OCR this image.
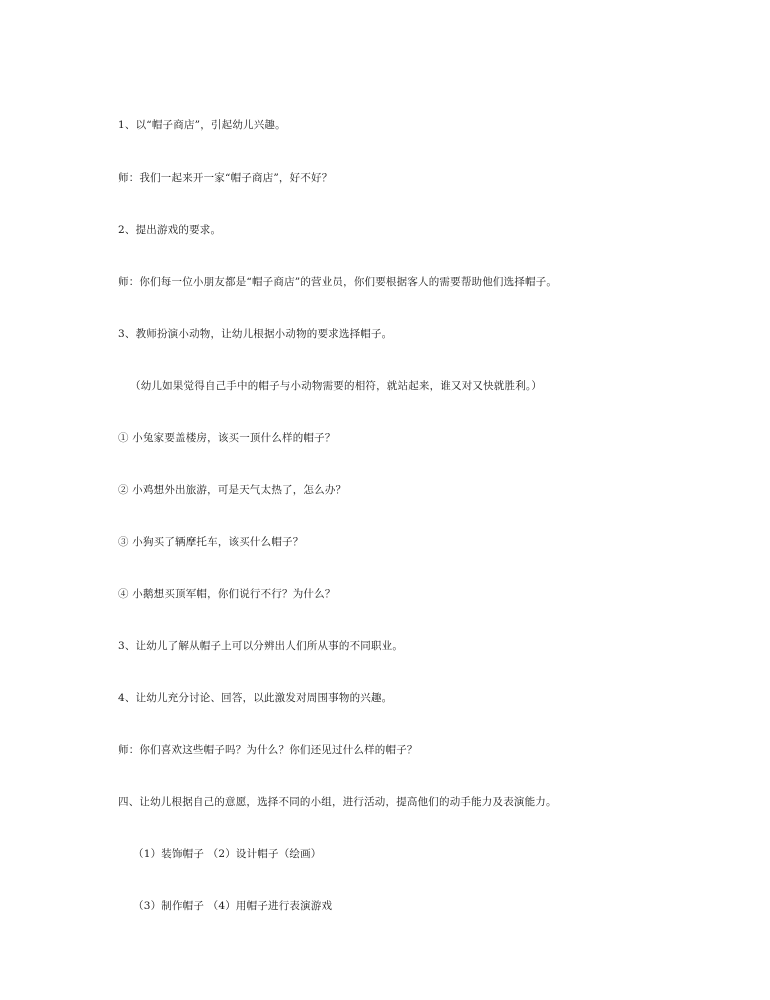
1、以“帽子商店”，引起幼儿兴趣。
师：我们一起来开一家“帽子商店”，好不好？
2、提出游戏的要求。
师：你们每一位小朋友都是“帽子商店”的营业员，你们要根据客人的需要帮助他们选择帽子。
3、教师扮演小动物，让幼儿根据小动物的要求选择帽子。
（幼儿如果觉得自己手中的帽子与小动物需要的相符，就站起来，谁又对又快就胜利。）
① 小兔家要盖楼房，该买一顶什么样的帽子？
② 小鸡想外出旅游，可是天气太热了，怎么办？
③ 小狗买了辆摩托车，该买什么帽子？
④ 小鹅想买顶军帽，你们说行不行？为什么？
3、让幼儿了解从帽子上可以分辨出人们所从事的不同职业。
4、让幼儿充分讨论、回答，以此激发对周围事物的兴趣。
师：你们喜欢这些帽子吗？为什么？你们还见过什么样的帽子？
四、让幼儿根据自己的意愿，选择不同的小组，进行活动，提高他们的动手能力及表演能力。
（1）装饰帽子 （2）设计帽子（绘画）
（3）制作帽子 （4）用帽子进行表演游戏
